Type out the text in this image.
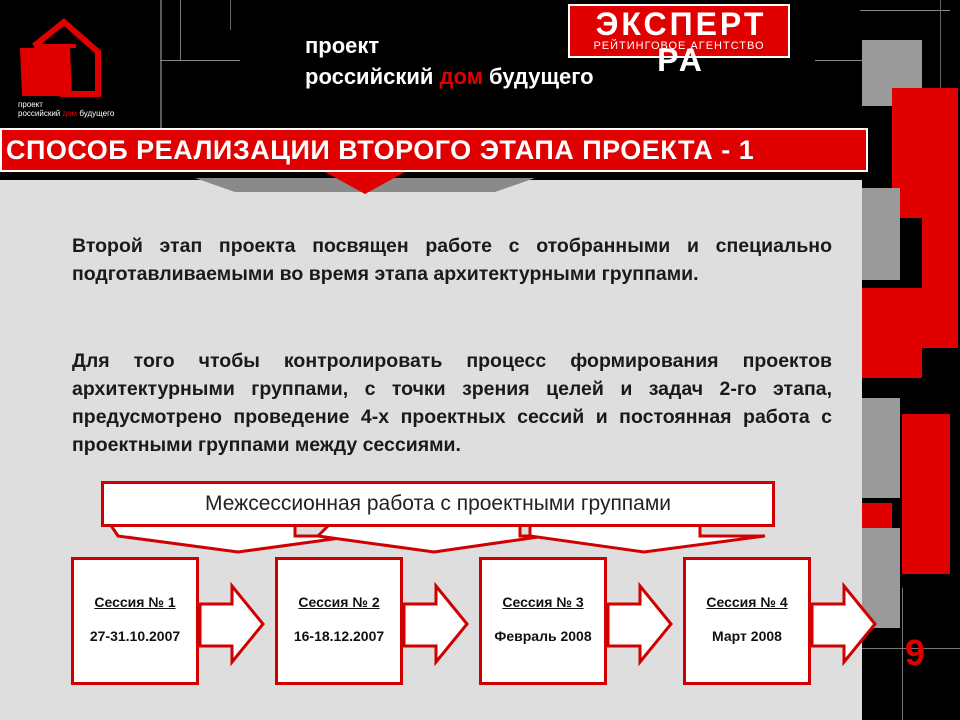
проект
российский дом будущего
проект
российский дом будущего
ЭКСПЕРТ РА
РЕЙТИНГОВОЕ АГЕНТСТВО
СПОСОБ РЕАЛИЗАЦИИ ВТОРОГО ЭТАПА ПРОЕКТА - 1
Второй этап проекта посвящен работе с отобранными и специально подготавливаемыми во время этапа архитектурными группами.
Для того чтобы контролировать процесс формирования проектов архитектурными группами, с точки зрения целей и задач 2-го этапа, предусмотрено проведение 4-х проектных сессий и постоянная работа с проектными группами между сессиями.
Межсессионная работа с проектными группами
Сессия № 1
27-31.10.2007
Сессия № 2
16-18.12.2007
Сессия № 3
Февраль 2008
Сессия № 4
Март 2008	9
